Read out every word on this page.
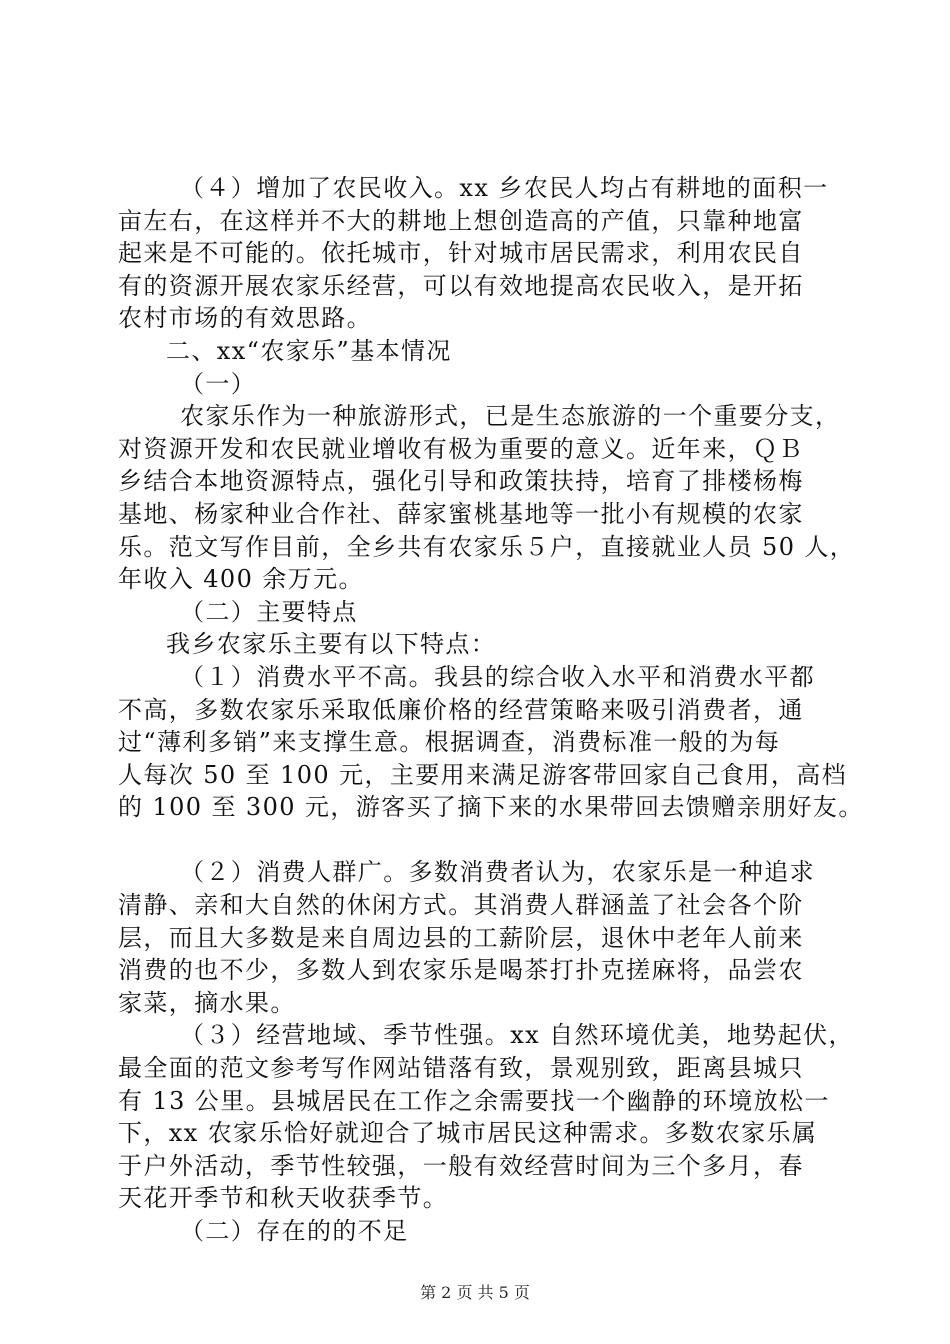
（４）增加了农民收入。xx 乡农民人均占有耕地的面积一
亩左右，在这样并不大的耕地上想创造高的产值，只靠种地富
起来是不可能的。依托城市，针对城市居民需求，利用农民自
有的资源开展农家乐经营，可以有效地提高农民收入，是开拓
农村市场的有效思路。
二、xx“农家乐”基本情况
（一）
农家乐作为一种旅游形式，已是生态旅游的一个重要分支，
对资源开发和农民就业增收有极为重要的意义。近年来，ＱＢ
乡结合本地资源特点，强化引导和政策扶持，培育了排楼杨梅
基地、杨家种业合作社、薛家蜜桃基地等一批小有规模的农家
乐。范文写作目前，全乡共有农家乐５户，直接就业人员 50 人，
年收入 400 余万元。
（二）主要特点
我乡农家乐主要有以下特点：
（１）消费水平不高。我县的综合收入水平和消费水平都
不高，多数农家乐采取低廉价格的经营策略来吸引消费者，通
过“薄利多销”来支撑生意。根据调查，消费标准一般的为每
人每次 50 至 100 元，主要用来满足游客带回家自己食用，高档
的 100 至 300 元，游客买了摘下来的水果带回去馈赠亲朋好友。
（２）消费人群广。多数消费者认为，农家乐是一种追求
清静、亲和大自然的休闲方式。其消费人群涵盖了社会各个阶
层，而且大多数是来自周边县的工薪阶层，退休中老年人前来
消费的也不少，多数人到农家乐是喝茶打扑克搓麻将，品尝农
家菜，摘水果。
（３）经营地域、季节性强。xx 自然环境优美，地势起伏，
最全面的范文参考写作网站错落有致，景观别致，距离县城只
有 13 公里。县城居民在工作之余需要找一个幽静的环境放松一
下，xx 农家乐恰好就迎合了城市居民这种需求。多数农家乐属
于户外活动，季节性较强，一般有效经营时间为三个多月，春
天花开季节和秋天收获季节。
（二）存在的的不足
第 2 页 共 5 页
